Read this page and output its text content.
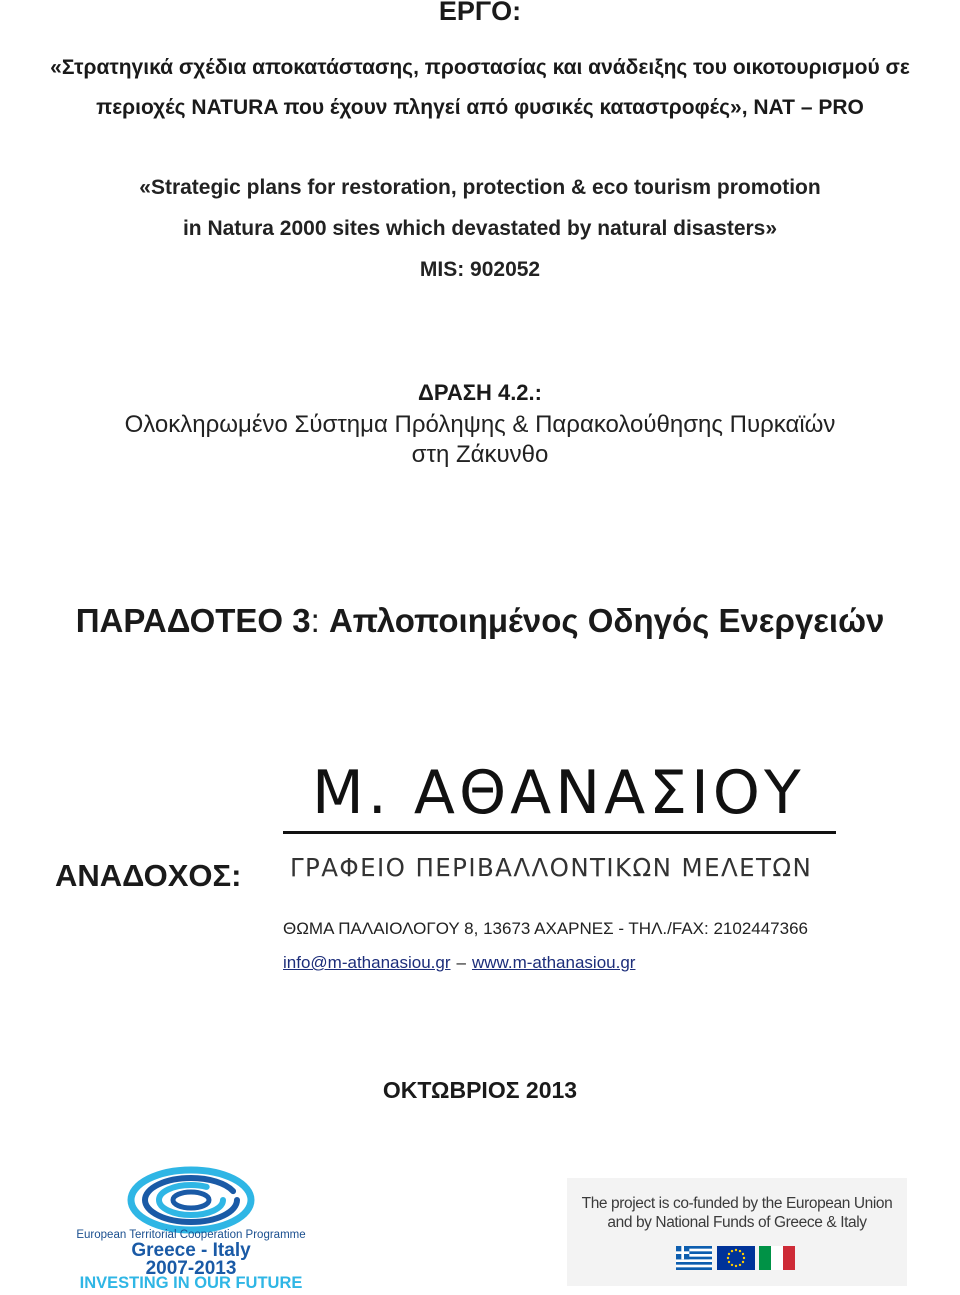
ΕΡΓΟ:
«Στρατηγικά σχέδια αποκατάστασης, προστασίας και ανάδειξης του οικοτουρισμού σε
περιοχές NATURA που έχουν πληγεί από φυσικές καταστροφές», NAT – PRO
«Strategic plans for restoration, protection & eco tourism promotion
in Natura 2000 sites which devastated by natural disasters»
MIS: 902052
ΔΡΑΣΗ 4.2.:
Ολοκληρωμένο Σύστημα Πρόληψης & Παρακολούθησης Πυρκαϊών
στη Ζάκυνθο
ΠΑΡΑΔΟΤΕΟ 3: Απλοποιημένος Οδηγός Ενεργειών
ΑΝΑΔΟΧΟΣ:
Μ. ΑΘΑΝΑΣΙΟΥ
ΓΡΑΦΕΙΟ ΠΕΡΙΒΑΛΛΟΝΤΙΚΩΝ ΜΕΛΕΤΩΝ
ΘΩΜΑ ΠΑΛΑΙΟΛΟΓΟΥ 8, 13673 ΑΧΑΡΝΕΣ - ΤΗΛ./FAX: 2102447366
info@m-athanasiou.gr – www.m-athanasiou.gr
ΟΚΤΩΒΡΙΟΣ 2013
European Territorial Cooperation Programme
Greece - Italy
2007-2013
INVESTING IN OUR FUTURE
The project is co-funded by the European Union
and by National Funds of Greece & Italy
